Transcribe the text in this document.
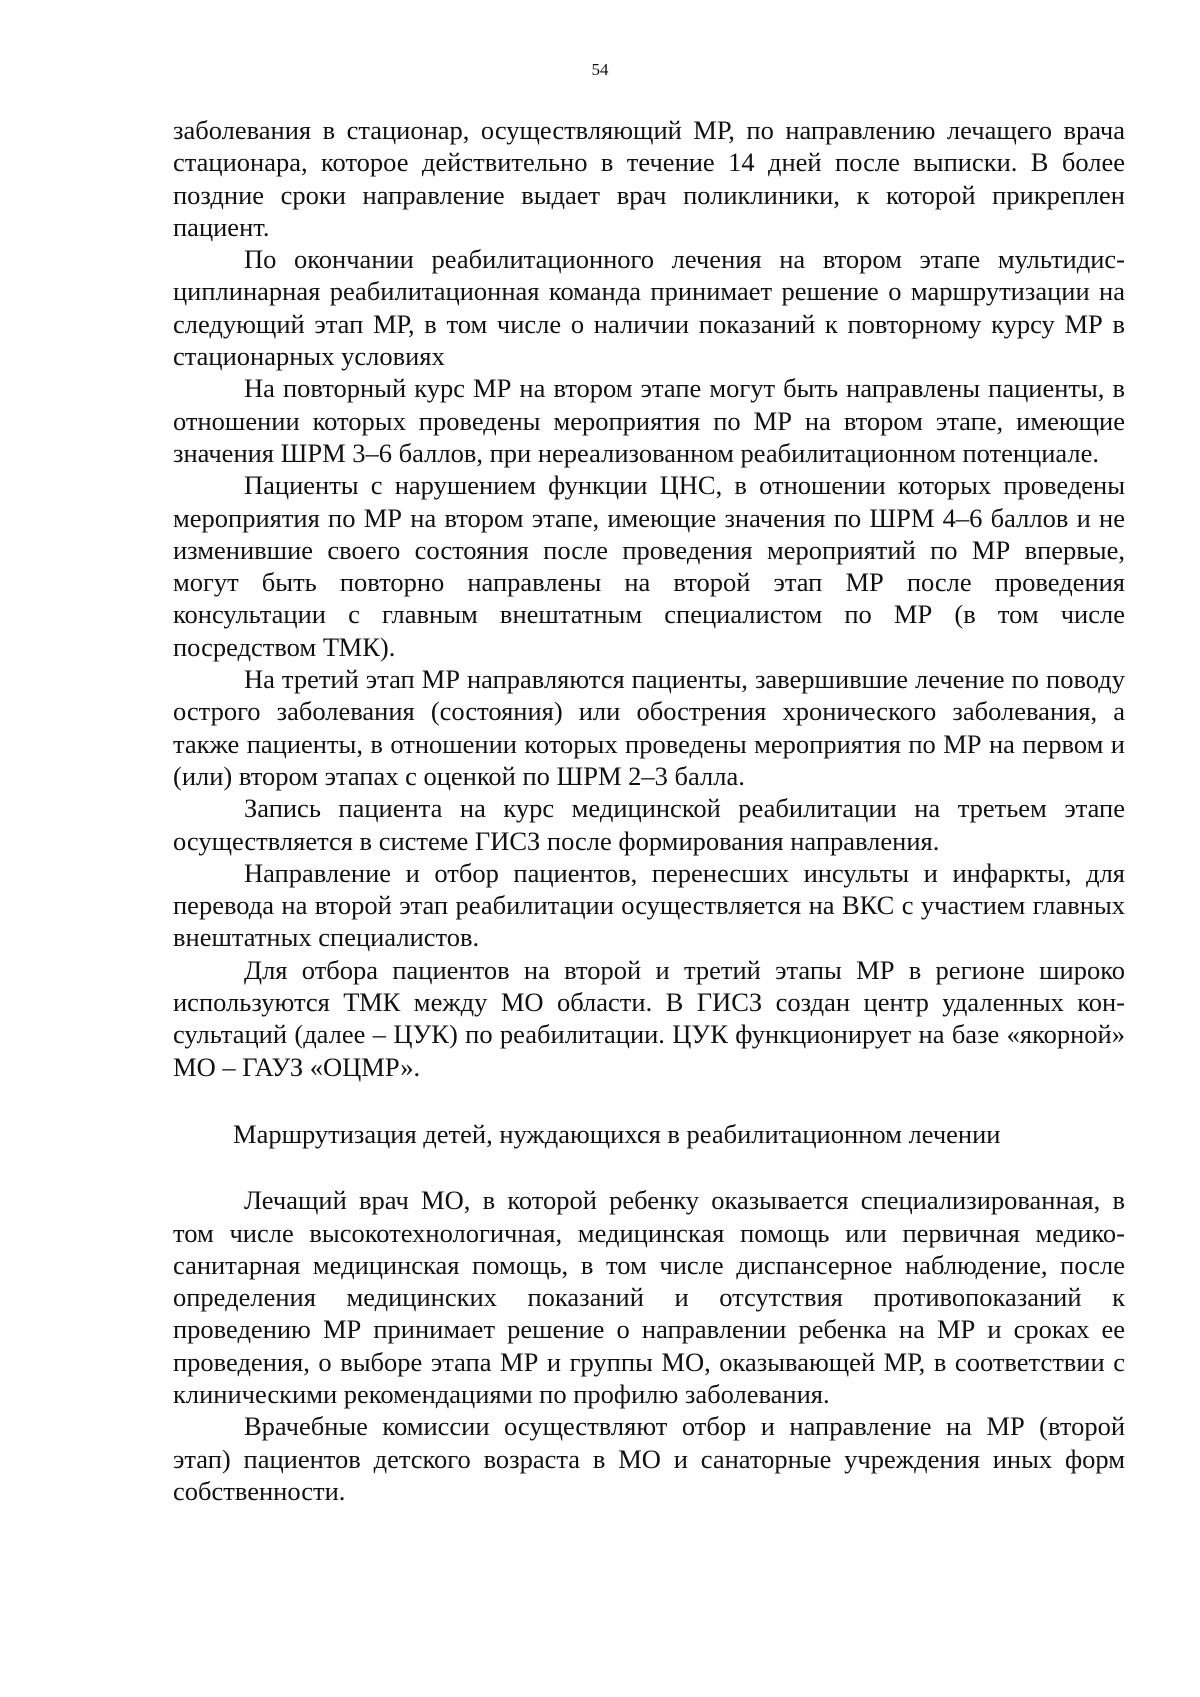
54

заболевания в стационар, осуществляющий МР, по направлению лечащего врача стационара, которое действительно в течение 14 дней после выписки. В более поздние сроки направление выдает врач поликлиники, к которой прикреплен пациент.

По окончании реабилитационного лечения на втором этапе мультидисциплинарная реабилитационная команда принимает решение о маршрутизации на следующий этап МР, в том числе о наличии показаний к повторному курсу МР в стационарных условиях

На повторный курс МР на втором этапе могут быть направлены пациенты, в отношении которых проведены мероприятия по МР на втором этапе, имеющие значения ШРМ 3–6 баллов, при нереализованном реабилитационном потенциале.

Пациенты с нарушением функции ЦНС, в отношении которых проведены мероприятия по МР на втором этапе, имеющие значения по ШРМ 4–6 баллов и не изменившие своего состояния после проведения мероприятий по МР впервые, могут быть повторно направлены на второй этап МР после проведения консультации с главным внештатным специалистом по МР (в том числе посредством ТМК).

На третий этап МР направляются пациенты, завершившие лечение по поводу острого заболевания (состояния) или обострения хронического заболевания, а также пациенты, в отношении которых проведены мероприятия по МР на первом и (или) втором этапах с оценкой по ШРМ 2–3 балла.

Запись пациента на курс медицинской реабилитации на третьем этапе осуществляется в системе ГИСЗ после формирования направления.

Направление и отбор пациентов, перенесших инсульты и инфаркты, для перевода на второй этап реабилитации осуществляется на ВКС с участием главных внештатных специалистов.

Для отбора пациентов на второй и третий этапы МР в регионе широко используются ТМК между МО области. В ГИСЗ создан центр удаленных консультаций (далее – ЦУК) по реабилитации. ЦУК функционирует на базе «якорной» МО – ГАУЗ «ОЦМР».

Маршрутизация детей, нуждающихся в реабилитационном лечении

Лечащий врач МО, в которой ребенку оказывается специализированная, в том числе высокотехнологичная, медицинская помощь или первичная медико-санитарная медицинская помощь, в том числе диспансерное наблюдение, после определения медицинских показаний и отсутствия противопоказаний к проведению МР принимает решение о направлении ребенка на МР и сроках ее проведения, о выборе этапа МР и группы МО, оказывающей МР, в соответствии с клиническими рекомендациями по профилю заболевания.

Врачебные комиссии осуществляют отбор и направление на МР (второй этап) пациентов детского возраста в МО и санаторные учреждения иных форм собственности.
